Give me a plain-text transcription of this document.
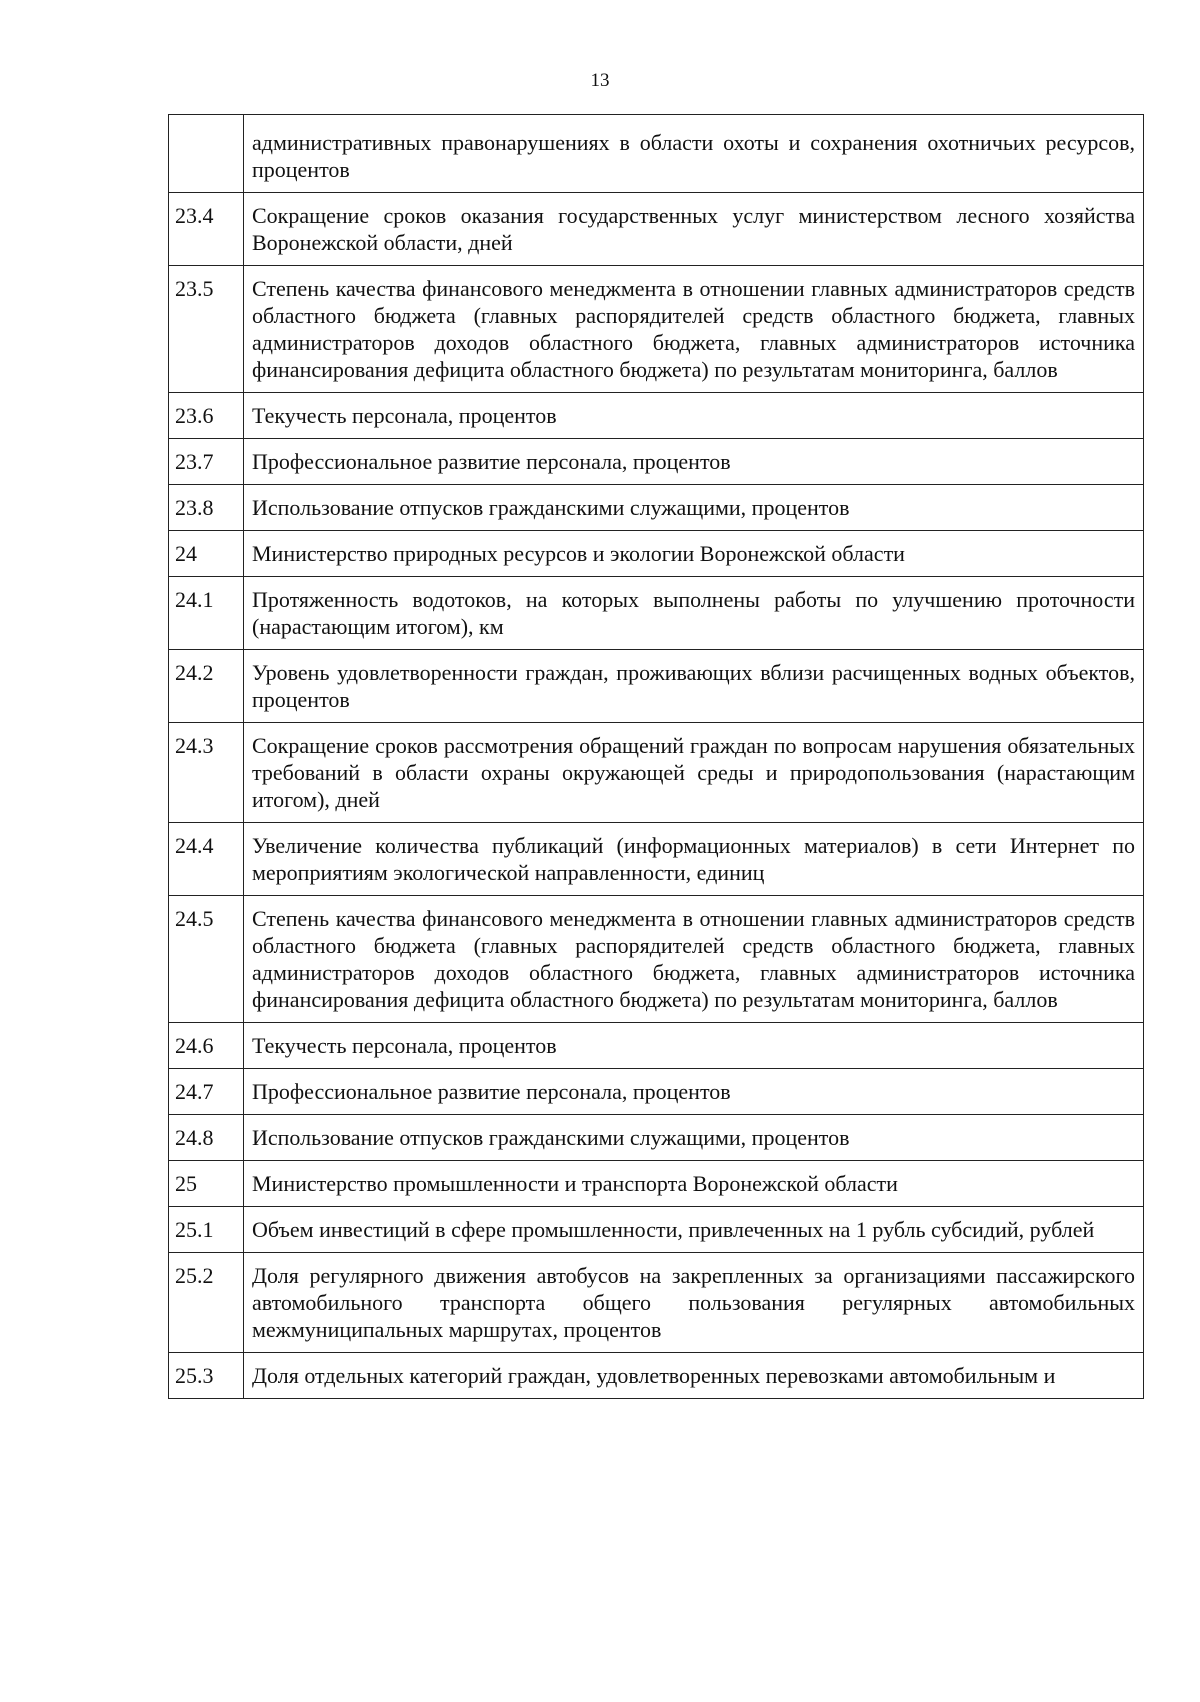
13
	административных правонарушениях в области охоты и сохранения охотничьих ресурсов, процентов
23.4	Сокращение сроков оказания государственных услуг министерством лесного хозяйства Воронежской области, дней
23.5	Степень качества финансового менеджмента в отношении главных администраторов средств областного бюджета (главных распорядителей средств областного бюджета, главных администраторов доходов областного бюджета, главных администраторов источника финансирования дефицита областного бюджета) по результатам мониторинга, баллов
23.6	Текучесть персонала, процентов
23.7	Профессиональное развитие персонала, процентов
23.8	Использование отпусков гражданскими служащими, процентов
24	Министерство природных ресурсов и экологии Воронежской области
24.1	Протяженность водотоков, на которых выполнены работы по улучшению проточности (нарастающим итогом), км
24.2	Уровень удовлетворенности граждан, проживающих вблизи расчищенных водных объектов, процентов
24.3	Сокращение сроков рассмотрения обращений граждан по вопросам нарушения обязательных требований в области охраны окружающей среды и природопользования (нарастающим итогом), дней
24.4	Увеличение количества публикаций (информационных материалов) в сети Интернет по мероприятиям экологической направленности, единиц
24.5	Степень качества финансового менеджмента в отношении главных администраторов средств областного бюджета (главных распорядителей средств областного бюджета, главных администраторов доходов областного бюджета, главных администраторов источника финансирования дефицита областного бюджета) по результатам мониторинга, баллов
24.6	Текучесть персонала, процентов
24.7	Профессиональное развитие персонала, процентов
24.8	Использование отпусков гражданскими служащими, процентов
25	Министерство промышленности и транспорта Воронежской области
25.1	Объем инвестиций в сфере промышленности, привлеченных на 1 рубль субсидий, рублей
25.2	Доля регулярного движения автобусов на закрепленных за организациями пассажирского автомобильного транспорта общего пользования регулярных автомобильных межмуниципальных маршрутах, процентов
25.3	Доля отдельных категорий граждан, удовлетворенных перевозками автомобильным и
